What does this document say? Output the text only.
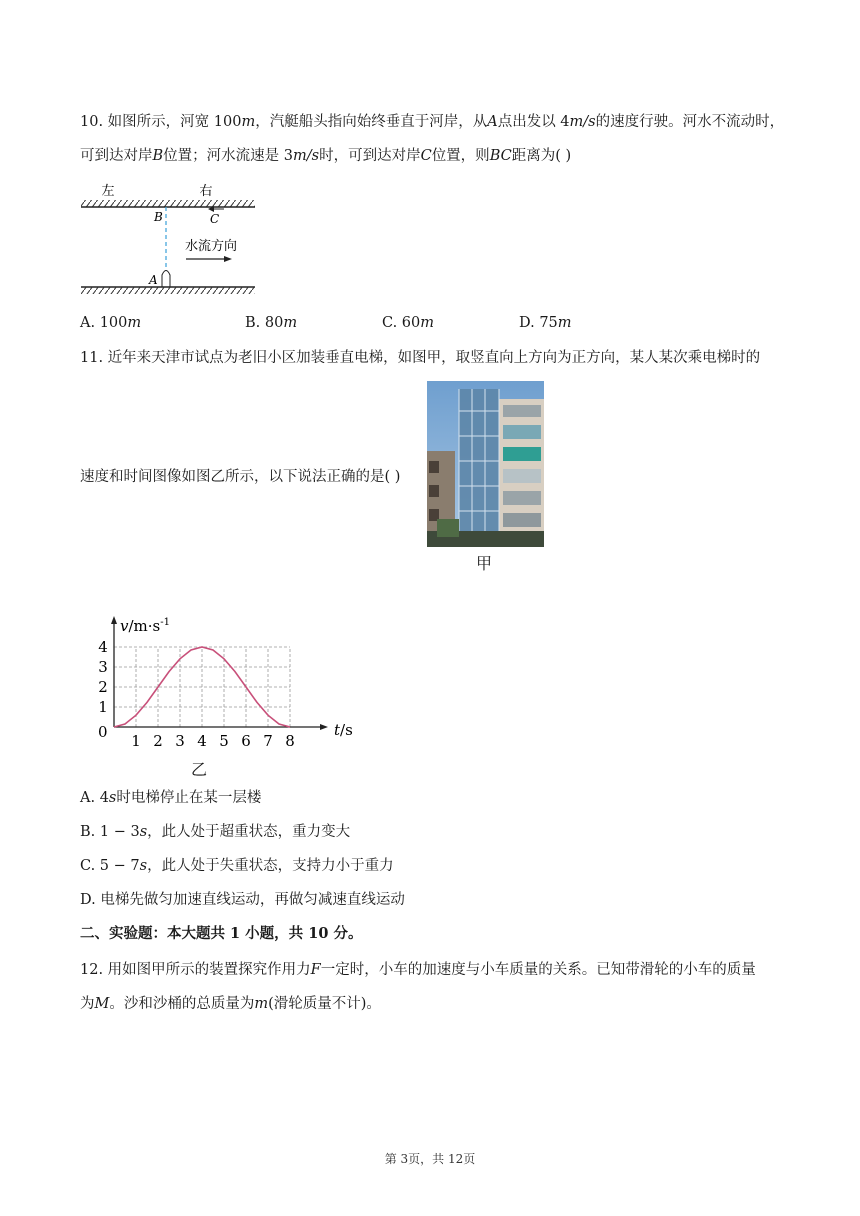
10. 如图所示，河宽 100m，汽艇船头指向始终垂直于河岸，从A点出发以 4m/s的速度行驶。河水不流动时，
可到达对岸B位置；河水流速是 3m/s时，可到达对岸C位置，则BC距离为( )
左	右
B	C
水流方向
A
A. 100m	B. 80m	C. 60m	D. 75m
11. 近年来天津市试点为老旧小区加装垂直电梯，如图甲，取竖直向上方向为正方向，某人某次乘电梯时的
甲
速度和时间图像如图乙所示，以下说法正确的是( )
1 2 3 4 5 6 7 8
1
2
3
4
$v/m\cdot s^{-1}$
t/s
0
乙
A. 4s时电梯停止在某一层楼
B. 1 − 3s，此人处于超重状态，重力变大
C. 5 − 7s，此人处于失重状态，支持力小于重力
D. 电梯先做匀加速直线运动，再做匀减速直线运动
二、实验题：本大题共 1 小题，共 10 分。
12. 用如图甲所示的装置探究作用力F一定时，小车的加速度与小车质量的关系。已知带滑轮的小车的质量
为M。沙和沙桶的总质量为m(滑轮质量不计)。
第 3页，共 12页
